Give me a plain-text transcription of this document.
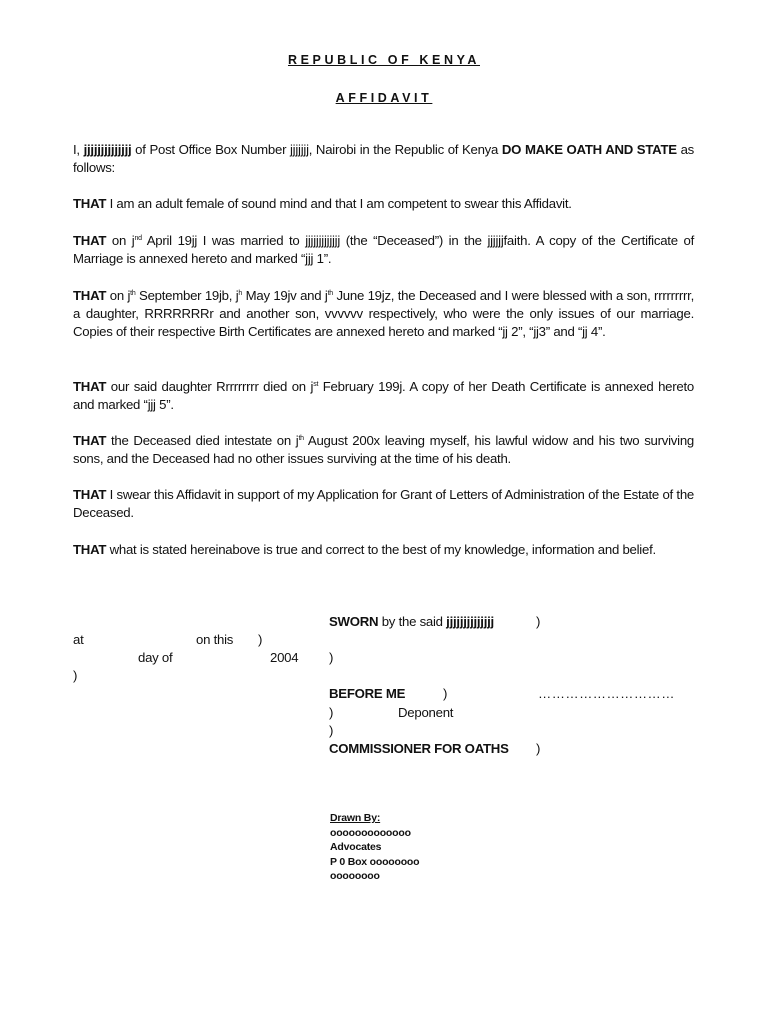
REPUBLIC OF KENYA
AFFIDAVIT
I, jjjjjjjjjjjjjj of Post Office Box Number jjjjjjj, Nairobi in the Republic of Kenya DO MAKE OATH AND STATE as follows:
THAT I am an adult female of sound mind and that I am competent to swear this Affidavit.
THAT on $j^{nd}$ April 19jj I was married to jjjjjjjjjjjjj (the “Deceased”) in the jjjjjjfaith. A copy of the Certificate of Marriage is annexed hereto and marked “jjj 1”.
THAT on $j^{th}$ September 19jb, $j^h$ May 19jv and $j^{th}$ June 19jz, the Deceased and I were blessed with a son, rrrrrrrrr, a daughter, RRRRRRRr and another son, vvvvvv respectively, who were the only issues of our marriage. Copies of their respective Birth Certificates are annexed hereto and marked “jj 2”, “jj3” and “jj 4”.
THAT our said daughter Rrrrrrrrr died on $j^{st}$ February 199j. A copy of her Death Certificate is annexed hereto and marked “jjj 5”.
THAT the Deceased died intestate on $j^{th}$ August 200x leaving myself, his lawful widow and his two surviving sons, and the Deceased had no other issues surviving at the time of his death.
THAT I swear this Affidavit in support of my Application for Grant of Letters of Administration of the Estate of the Deceased.
THAT what is stated hereinabove is true and correct to the best of my knowledge, information and belief.
SWORN by the said jjjjjjjjjjjjjj	)
at	on this )
day of	2004 )
)
BEFORE ME	)	…………………………
)	Deponent
)
COMMISSIONER FOR OATHS )
Drawn By:
ooooooooooooo
Advocates
P 0 Box oooooooo
oooooooo
